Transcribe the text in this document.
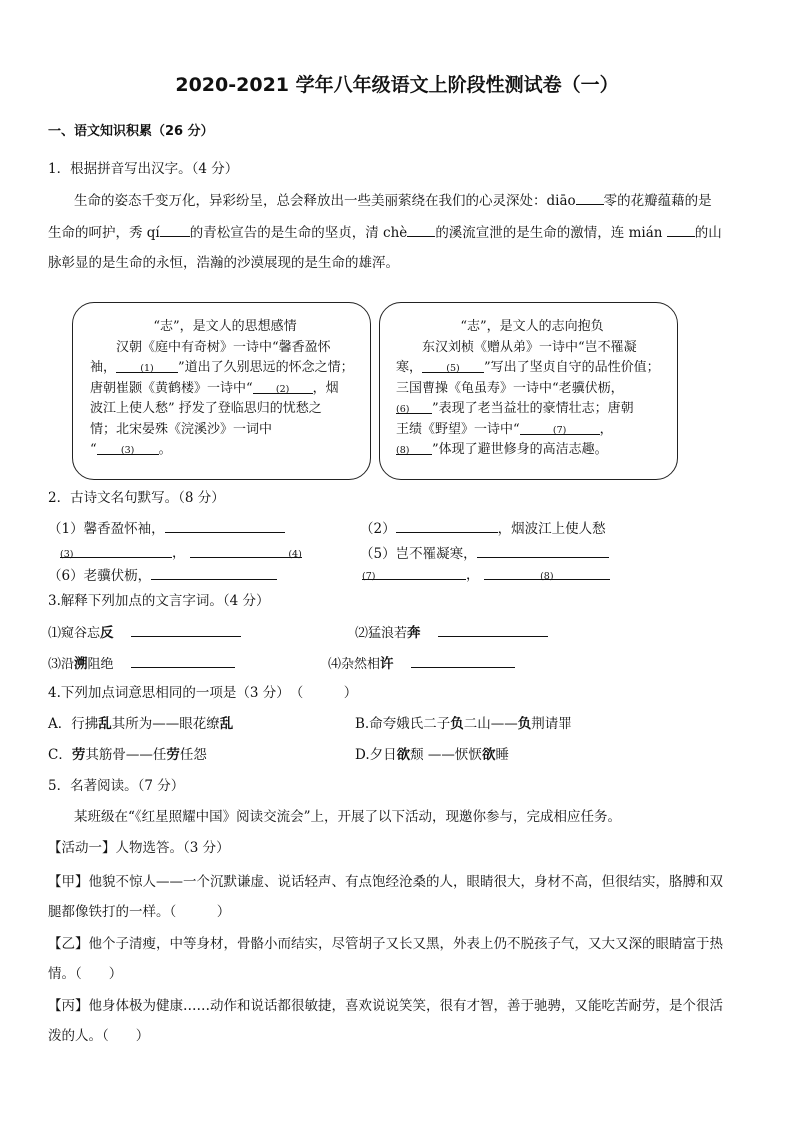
2020-2021 学年八年级语文上阶段性测试卷（一）
一、语文知识积累（26 分）
1．根据拼音写出汉字。（4 分）
生命的姿态千变万化，异彩纷呈，总会释放出一些美丽萦绕在我们的心灵深处：diāo 零的花瓣蕴藉的是
生命的呵护，秀 qí 的青松宣告的是生命的坚贞，清 chè 的溪流宣泄的是生命的激情，连 mián 的山
脉彰显的是生命的永恒，浩瀚的沙漠展现的是生命的雄浑。
“志”，是文人的思想感情
汉朝《庭中有奇树》一诗中“馨香盈怀
袖，	(1) ”道出了久别思远的怀念之情；
唐朝崔颢《黄鹤楼》一诗中“ (2) ，烟
波江上使人愁” 抒发了登临思归的忧愁之
情；北宋晏殊《浣溪沙》一词中
“	(3) 。
“志”，是文人的志向抱负
东汉刘桢《赠从弟》一诗中“岂不罹凝
寒，	(5) ”写出了坚贞自守的品性价值；
三国曹操《龟虽寿》一诗中“老骥伏枥，
(6) ”表现了老当益壮的豪情壮志；唐朝
王绩《野望》一诗中“	(7)	，
(8) ”体现了避世修身的高洁志趣。
2．古诗文名句默写。（8 分）
（1）馨香盈怀袖，	（2）	，烟波江上使人愁
(3)	，	(4)	（5）岂不罹凝寒，
（6）老骥伏枥，	(7)	，	(8)
3.解释下列加点的文言字词。（4 分）
⑴窥谷忘反	⑵猛浪若奔
⑶沿溯阻绝	⑷杂然相许
4.下列加点词意思相同的一项是（3 分）　（　　　）
A．行拂乱其所为——眼花缭乱	B.命夸娥氏二子负二山——负荆请罪
C．劳其筋骨——任劳任怨	D.夕日欲颓 ——恹恹欲睡
5．名著阅读。（7 分）
某班级在“《红星照耀中国》阅读交流会”上，开展了以下活动，现邀你参与，完成相应任务。
【活动一】人物选答。（3 分）
【甲】他貌不惊人——一个沉默谦虚、说话轻声、有点饱经沧桑的人，眼睛很大，身材不高，但很结实，胳膊和双
腿都像铁打的一样。（　　　）
【乙】他个子清瘦，中等身材，骨骼小而结实，尽管胡子又长又黑，外表上仍不脱孩子气，又大又深的眼睛富于热
情。（　　）
【丙】他身体极为健康……动作和说话都很敏捷，喜欢说说笑笑，很有才智，善于驰骋，又能吃苦耐劳，是个很活
泼的人。（　　）
